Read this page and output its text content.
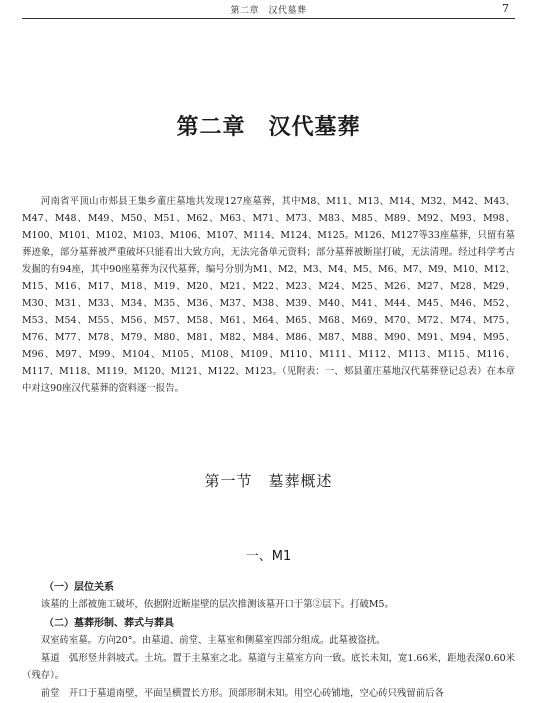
第二章　汉代墓葬	7
第二章　汉代墓葬

河南省平顶山市郏县王集乡董庄墓地共发现127座墓葬，其中M8、M11、M13、M14、M32、M42、M43、M47、M48、M49、M50、M51、M62、M63、M71、M73、M83、M85、M89、M92、M93、M98、M100、M101、M102、M103、M106、M107、M114、M124、M125。M126、M127等33座墓葬，只留有墓葬迹象，部分墓葬被严重破坏只能看出大致方向，无法完备单元资料；部分墓葬被断崖打破，无法清理。经过科学考古发掘的有94座，其中90座墓葬为汉代墓葬，编号分别为M1、M2、M3、M4、M5、M6、M7、M9、M10、M12、M15、M16、M17、M18、M19、M20、M21、M22、M23、M24、M25、M26、M27、M28、M29、M30、M31、M33、M34、M35、M36、M37、M38、M39、M40、M41、M44、M45、M46、M52、M53、M54、M55、M56、M57、M58、M61、M64、M65、M68、M69、M70、M72、M74、M75、M76、M77、M78、M79、M80、M81、M82、M84、M86、M87、M88、M90、M91、M94、M95、M96、M97、M99、M104、M105、M108、M109、M110、M111、M112、M113、M115、M116、M117、M118、M119、M120、M121、M122、M123。（见附表：一、郏县董庄墓地汉代墓葬登记总表）在本章中对这90座汉代墓葬的资料逐一报告。

第一节　墓葬概述
一、M1
（一）层位关系

该墓的上部被施工破坏，依据附近断崖壁的层次推测该墓开口于第②层下。打破M5。

（二）墓葬形制、葬式与葬具

双室砖室墓。方向20°。由墓道、前堂、主墓室和侧墓室四部分组成。此墓被盗扰。

墓道　弧形竖井斜坡式。土坑。置于主墓室之北。墓道与主墓室方向一致。底长未知，宽1.66米，距地表深0.60米（残存）。

前堂　开口于墓道南壁，平面呈横置长方形。顶部形制未知。用空心砖铺地，空心砖只残留前后各
